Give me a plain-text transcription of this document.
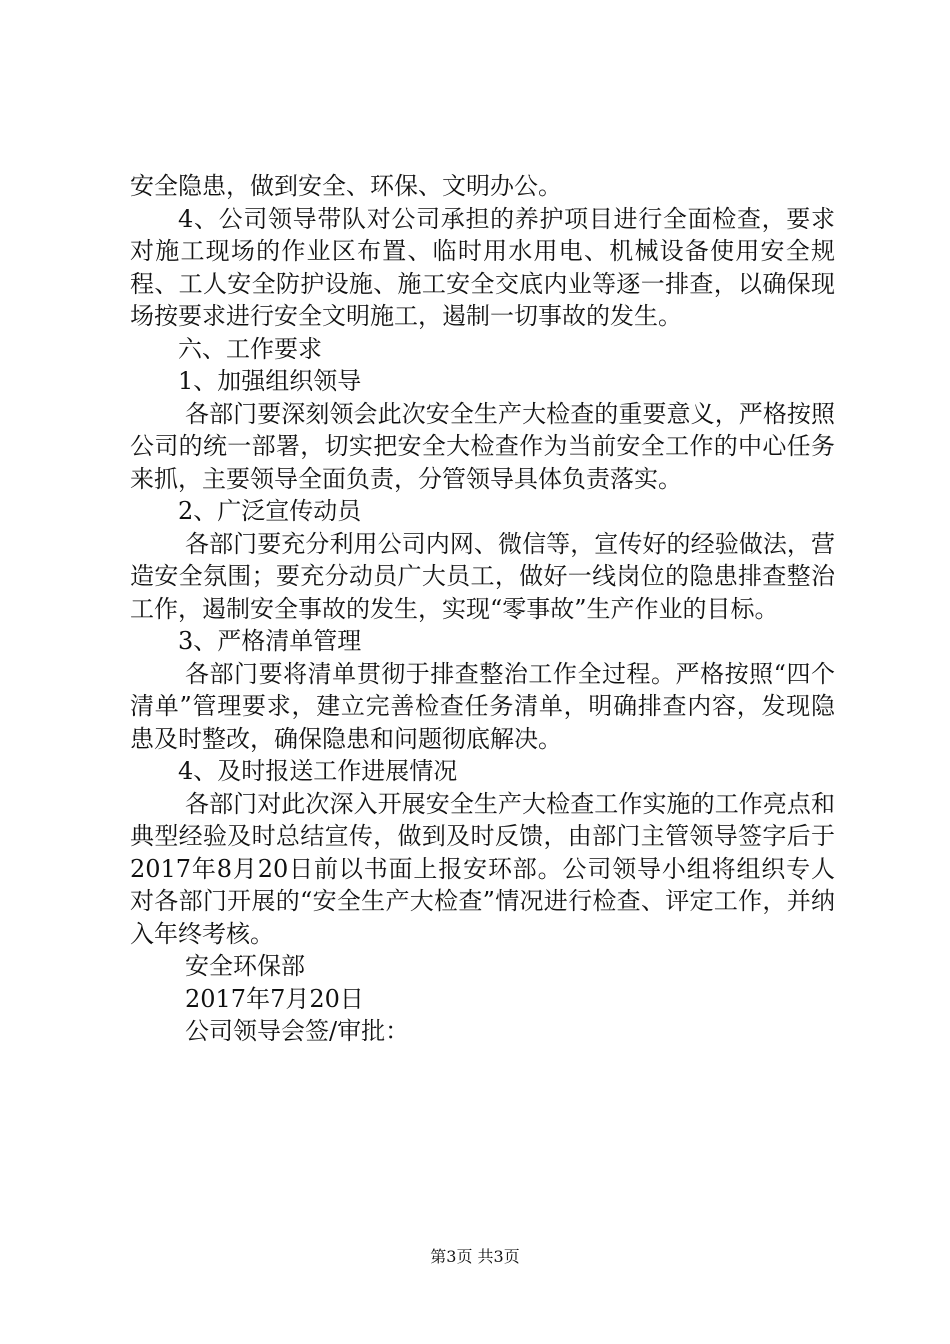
安全隐患，做到安全、环保、文明办公。

4、公司领导带队对公司承担的养护项目进行全面检查，要求对施工现场的作业区布置、临时用水用电、机械设备使用安全规程、工人安全防护设施、施工安全交底内业等逐一排查，以确保现场按要求进行安全文明施工，遏制一切事故的发生。

六、工作要求

1、加强组织领导

各部门要深刻领会此次安全生产大检查的重要意义，严格按照公司的统一部署，切实把安全大检查作为当前安全工作的中心任务来抓，主要领导全面负责，分管领导具体负责落实。

2、广泛宣传动员

各部门要充分利用公司内网、微信等，宣传好的经验做法，营造安全氛围；要充分动员广大员工，做好一线岗位的隐患排查整治工作，遏制安全事故的发生，实现“零事故”生产作业的目标。

3、严格清单管理

各部门要将清单贯彻于排查整治工作全过程。严格按照“四个清单”管理要求，建立完善检查任务清单，明确排查内容，发现隐患及时整改，确保隐患和问题彻底解决。

4、及时报送工作进展情况

各部门对此次深入开展安全生产大检查工作实施的工作亮点和典型经验及时总结宣传，做到及时反馈，由部门主管领导签字后于2017年8月20日前以书面上报安环部。公司领导小组将组织专人对各部门开展的“安全生产大检查”情况进行检查、评定工作，并纳入年终考核。

安全环保部

2017年7月20日

公司领导会签/审批：

第3页 共3页
